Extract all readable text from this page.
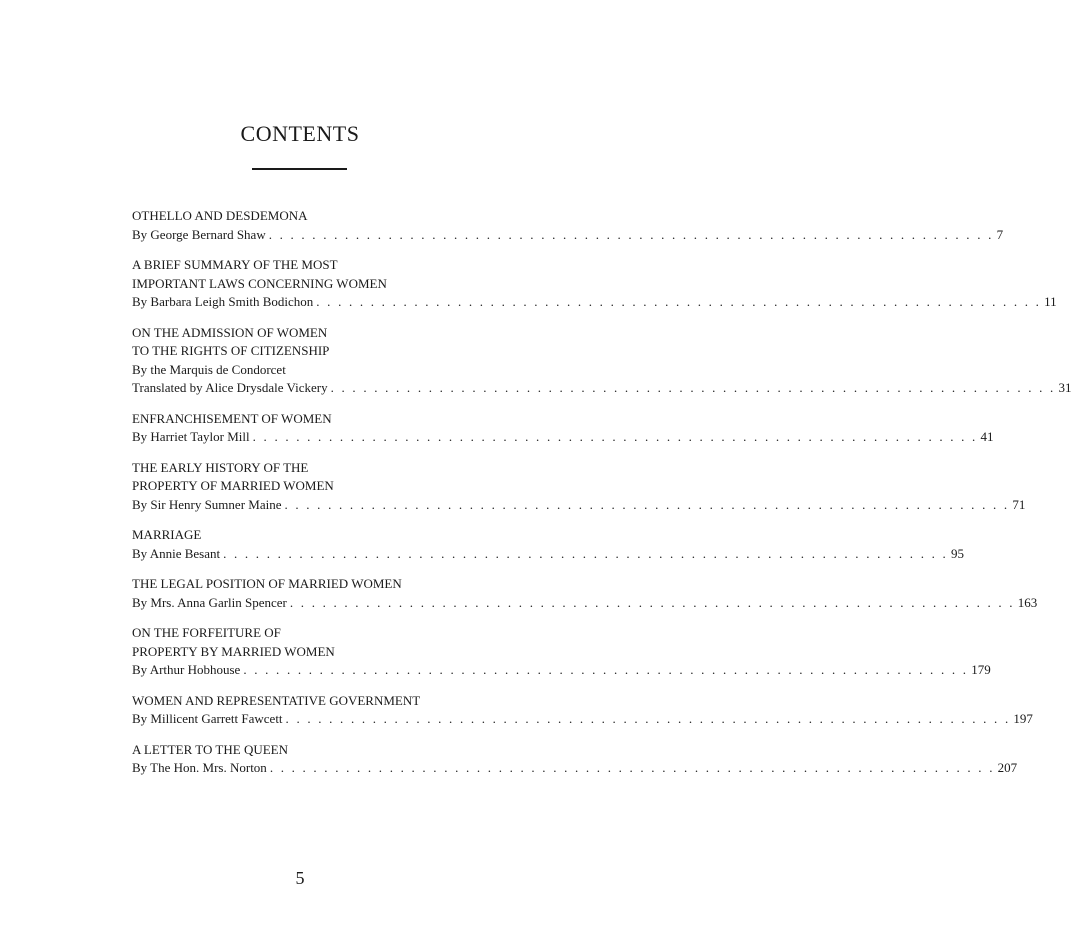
CONTENTS
OTHELLO AND DESDEMONA
By George Bernard Shaw . . . . . . . . . . . . . . . . . . . . . . . . . . . . . . . . . . . . . . . . . . . . . . . . . . . . . . . . . . . . . . . . . . . 7
A BRIEF SUMMARY OF THE MOST
IMPORTANT LAWS CONCERNING WOMEN
By Barbara Leigh Smith Bodichon . . . . . . . . . . . . . . . . . . . . . . . . . . . . . . . . . . . . . . . . . . . . . . . . . . . . . . . . . . . . . . . . . . . 11
ON THE ADMISSION OF WOMEN
TO THE RIGHTS OF CITIZENSHIP
By the Marquis de Condorcet
Translated by Alice Drysdale Vickery . . . . . . . . . . . . . . . . . . . . . . . . . . . . . . . . . . . . . . . . . . . . . . . . . . . . . . . . . . . . . . . . . . . 31
ENFRANCHISEMENT OF WOMEN
By Harriet Taylor Mill . . . . . . . . . . . . . . . . . . . . . . . . . . . . . . . . . . . . . . . . . . . . . . . . . . . . . . . . . . . . . . . . . . . 41
THE EARLY HISTORY OF THE
PROPERTY OF MARRIED WOMEN
By Sir Henry Sumner Maine . . . . . . . . . . . . . . . . . . . . . . . . . . . . . . . . . . . . . . . . . . . . . . . . . . . . . . . . . . . . . . . . . . . 71
MARRIAGE
By Annie Besant . . . . . . . . . . . . . . . . . . . . . . . . . . . . . . . . . . . . . . . . . . . . . . . . . . . . . . . . . . . . . . . . . . . 95
THE LEGAL POSITION OF MARRIED WOMEN
By Mrs. Anna Garlin Spencer . . . . . . . . . . . . . . . . . . . . . . . . . . . . . . . . . . . . . . . . . . . . . . . . . . . . . . . . . . . . . . . . . . . 163
ON THE FORFEITURE OF
PROPERTY BY MARRIED WOMEN
By Arthur Hobhouse . . . . . . . . . . . . . . . . . . . . . . . . . . . . . . . . . . . . . . . . . . . . . . . . . . . . . . . . . . . . . . . . . . . 179
WOMEN AND REPRESENTATIVE GOVERNMENT
By Millicent Garrett Fawcett . . . . . . . . . . . . . . . . . . . . . . . . . . . . . . . . . . . . . . . . . . . . . . . . . . . . . . . . . . . . . . . . . . . 197
A LETTER TO THE QUEEN
By The Hon. Mrs. Norton . . . . . . . . . . . . . . . . . . . . . . . . . . . . . . . . . . . . . . . . . . . . . . . . . . . . . . . . . . . . . . . . . . . 207
5
